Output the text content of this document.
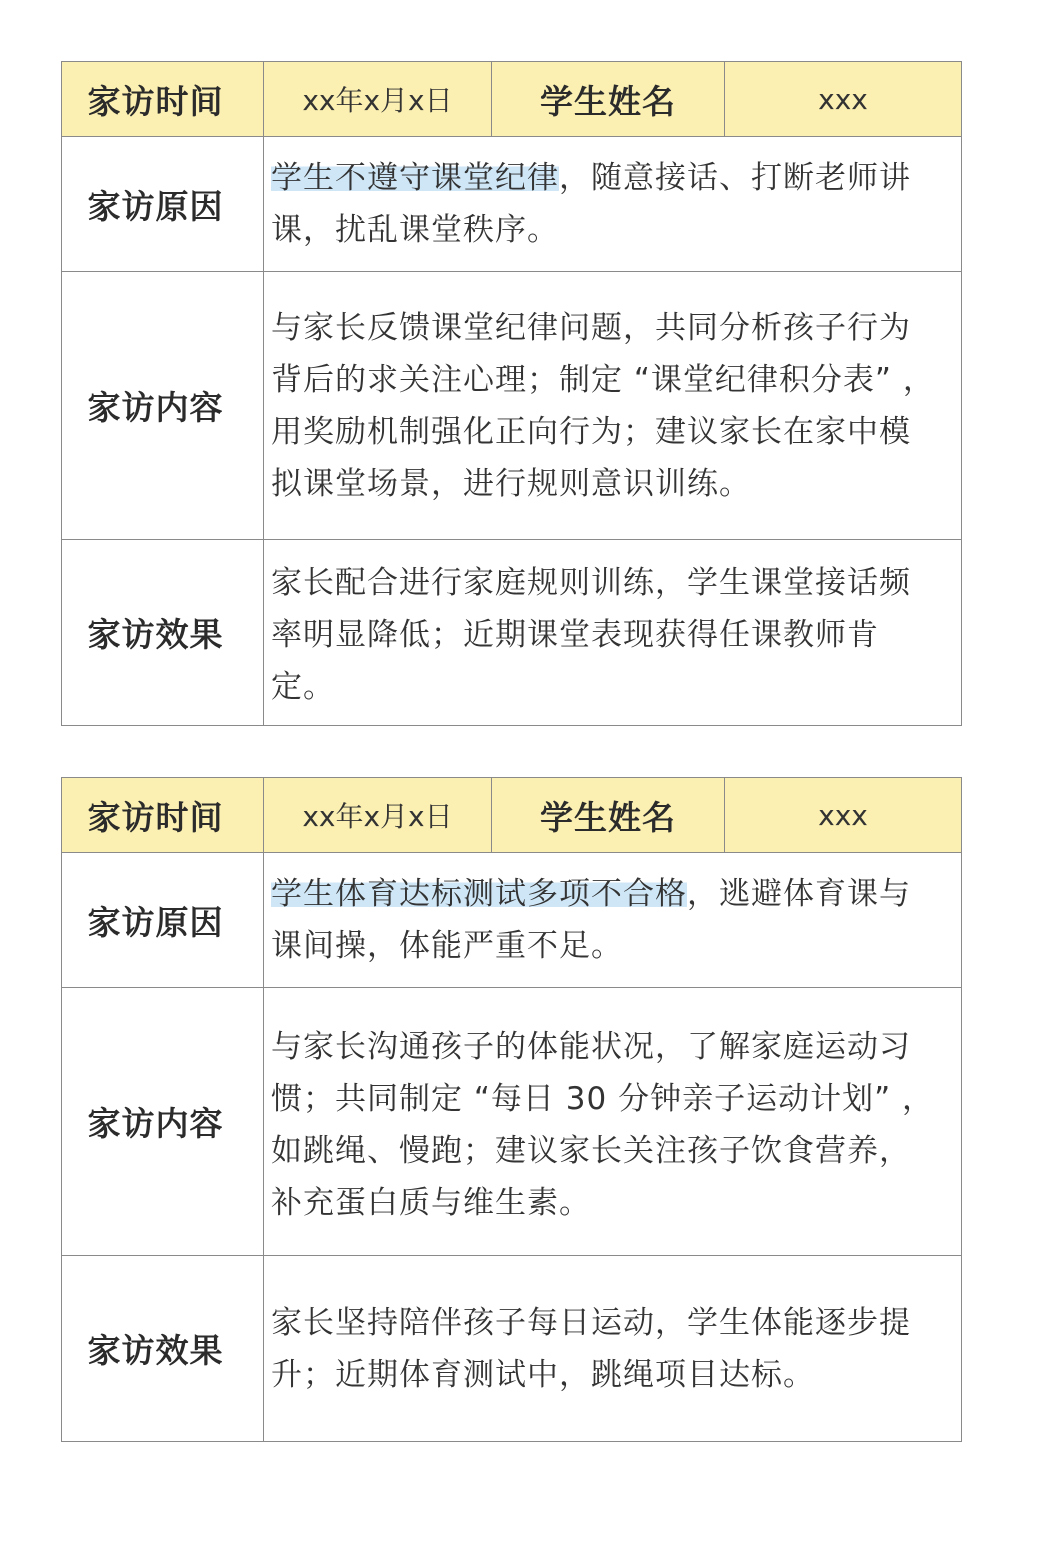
家访时间	xx年x月x日	学生姓名	xxx
家访原因	学生不遵守课堂纪律，随意接话、打断老师讲课，扰乱课堂秩序。		
家访内容	与家长反馈课堂纪律问题，共同分析孩子行为背后的求关注心理；制定 “课堂纪律积分表” ，用奖励机制强化正向行为；建议家长在家中模拟课堂场景，进行规则意识训练。		
家访效果	家长配合进行家庭规则训练，学生课堂接话频率明显降低；近期课堂表现获得任课教师肯定。		
家访时间	xx年x月x日	学生姓名	xxx
家访原因	学生体育达标测试多项不合格，逃避体育课与课间操，体能严重不足。		
家访内容	与家长沟通孩子的体能状况，了解家庭运动习惯；共同制定 “每日 30 分钟亲子运动计划” ，如跳绳、慢跑；建议家长关注孩子饮食营养，补充蛋白质与维生素。		
家访效果	家长坚持陪伴孩子每日运动，学生体能逐步提升；近期体育测试中，跳绳项目达标。		
